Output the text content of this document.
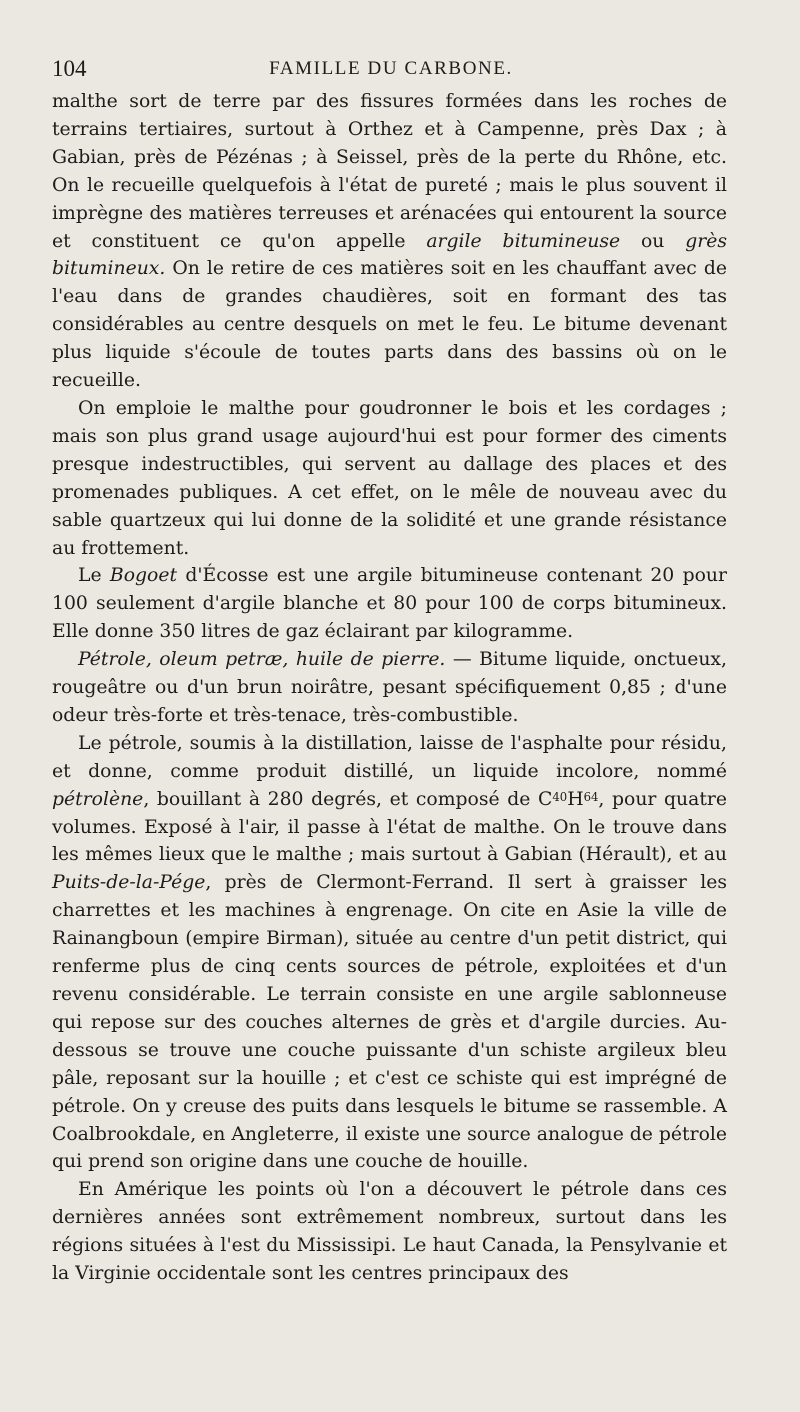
104	FAMILLE DU CARBONE.

malthe sort de terre par des fissures formées dans les roches de terrains tertiaires, surtout à Orthez et à Campenne, près Dax ; à Gabian, près de Pézénas ; à Seissel, près de la perte du Rhône, etc. On le recueille quelquefois à l'état de pureté ; mais le plus souvent il imprègne des matières terreuses et arénacées qui entourent la source et constituent ce qu'on appelle argile bitumineuse ou grès bitumineux. On le retire de ces matières soit en les chauffant avec de l'eau dans de grandes chaudières, soit en formant des tas considérables au centre desquels on met le feu. Le bitume devenant plus liquide s'écoule de toutes parts dans des bassins où on le recueille.

On emploie le malthe pour goudronner le bois et les cordages ; mais son plus grand usage aujourd'hui est pour former des ciments presque indestructibles, qui servent au dallage des places et des promenades publiques. A cet effet, on le mêle de nouveau avec du sable quartzeux qui lui donne de la solidité et une grande résistance au frottement.

Le Bogoet d'Écosse est une argile bitumineuse contenant 20 pour 100 seulement d'argile blanche et 80 pour 100 de corps bitumineux. Elle donne 350 litres de gaz éclairant par kilogramme.

Pétrole, oleum petræ, huile de pierre. — Bitume liquide, onctueux, rougeâtre ou d'un brun noirâtre, pesant spécifiquement 0,85 ; d'une odeur très-forte et très-tenace, très-combustible.

Le pétrole, soumis à la distillation, laisse de l'asphalte pour résidu, et donne, comme produit distillé, un liquide incolore, nommé pétrolène, bouillant à 280 degrés, et composé de $C^{40}H^{64}$, pour quatre volumes. Exposé à l'air, il passe à l'état de malthe. On le trouve dans les mêmes lieux que le malthe ; mais surtout à Gabian (Hérault), et au Puits-de-la-Pége, près de Clermont-Ferrand. Il sert à graisser les charrettes et les machines à engrenage. On cite en Asie la ville de Rainangboun (empire Birman), située au centre d'un petit district, qui renferme plus de cinq cents sources de pétrole, exploitées et d'un revenu considérable. Le terrain consiste en une argile sablonneuse qui repose sur des couches alternes de grès et d'argile durcies. Au-dessous se trouve une couche puissante d'un schiste argileux bleu pâle, reposant sur la houille ; et c'est ce schiste qui est imprégné de pétrole. On y creuse des puits dans lesquels le bitume se rassemble. A Coalbrookdale, en Angleterre, il existe une source analogue de pétrole qui prend son origine dans une couche de houille.

En Amérique les points où l'on a découvert le pétrole dans ces dernières années sont extrêmement nombreux, surtout dans les régions situées à l'est du Mississipi. Le haut Canada, la Pensylvanie et la Virginie occidentale sont les centres principaux des
